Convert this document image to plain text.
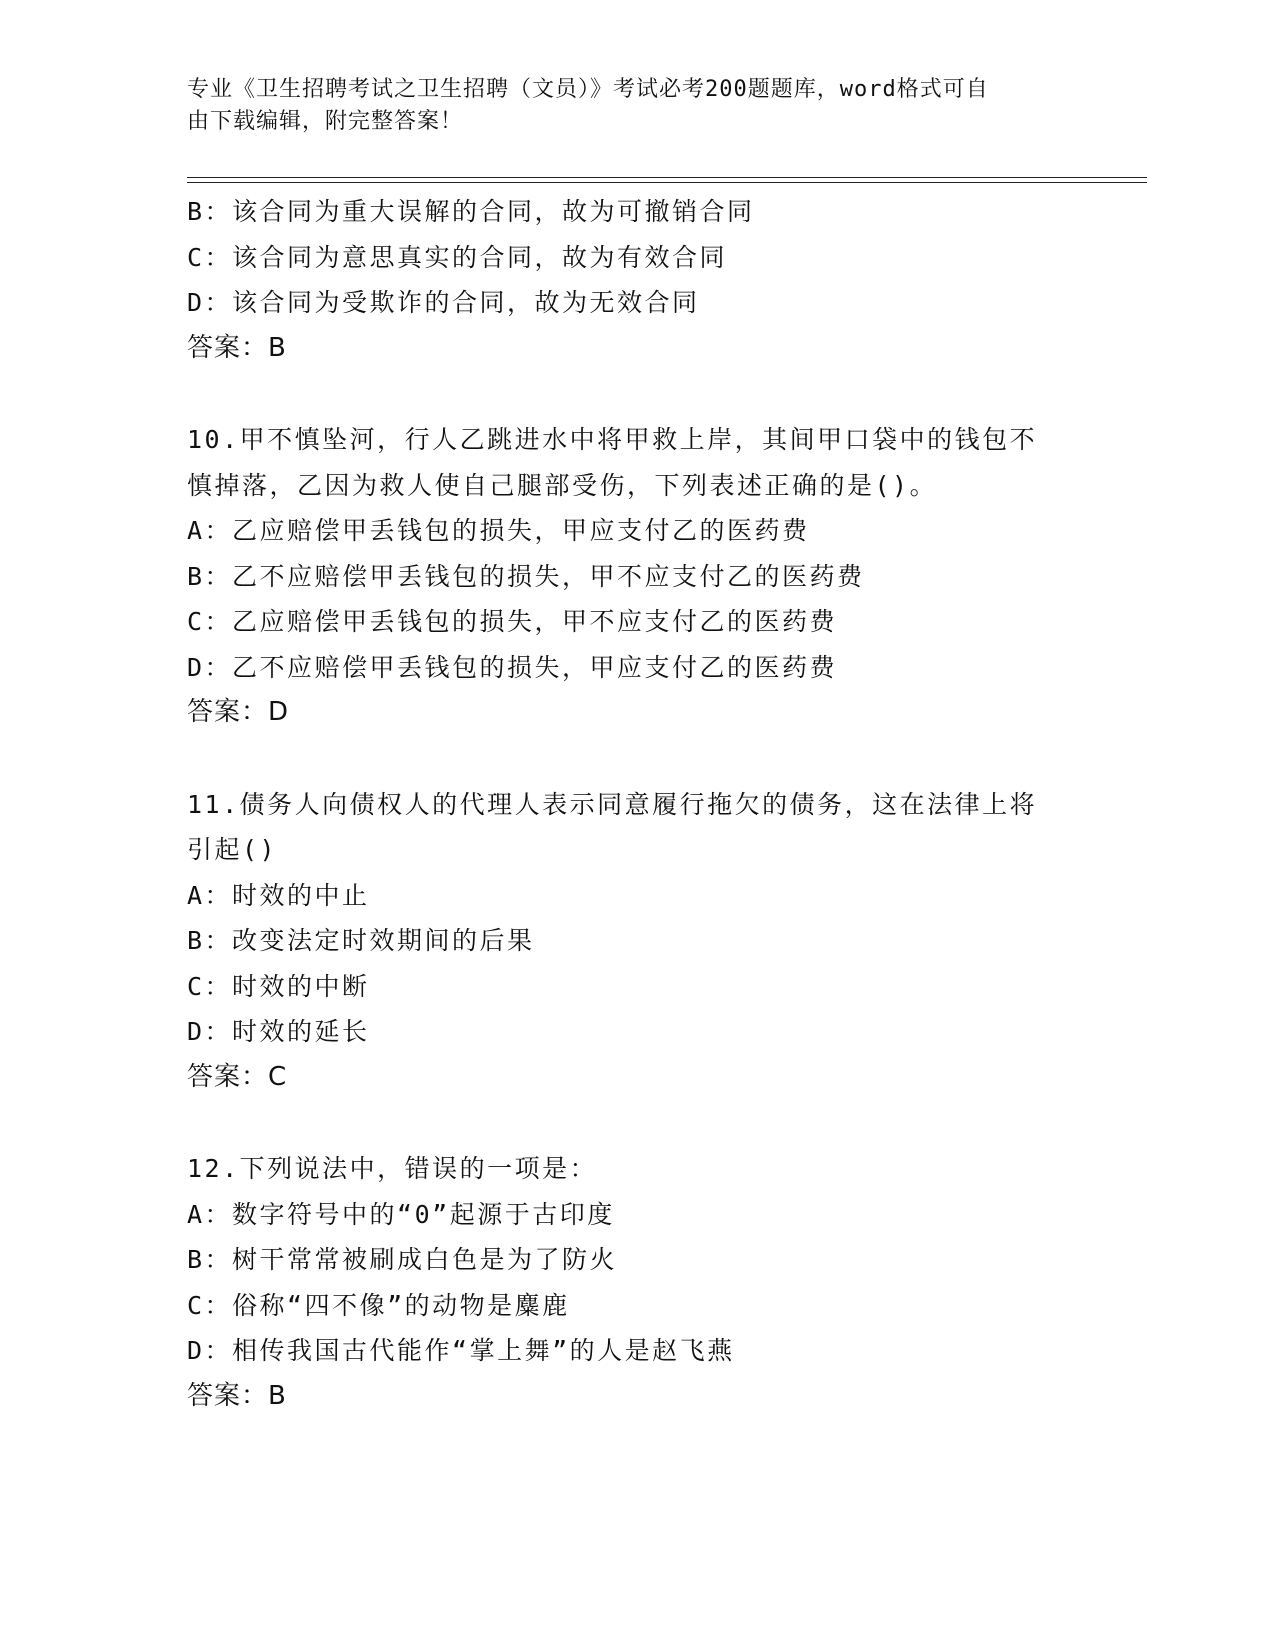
专业《卫生招聘考试之卫生招聘（文员）》考试必考200题题库，word格式可自
由下载编辑，附完整答案！
B：该合同为重大误解的合同，故为可撤销合同
C：该合同为意思真实的合同，故为有效合同
D：该合同为受欺诈的合同，故为无效合同
答案：B
10.甲不慎坠河，行人乙跳进水中将甲救上岸，其间甲口袋中的钱包不
慎掉落，乙因为救人使自己腿部受伤，下列表述正确的是()。
A：乙应赔偿甲丢钱包的损失，甲应支付乙的医药费
B：乙不应赔偿甲丢钱包的损失，甲不应支付乙的医药费
C：乙应赔偿甲丢钱包的损失，甲不应支付乙的医药费
D：乙不应赔偿甲丢钱包的损失，甲应支付乙的医药费
答案：D
11.债务人向债权人的代理人表示同意履行拖欠的债务，这在法律上将
引起()
A：时效的中止
B：改变法定时效期间的后果
C：时效的中断
D：时效的延长
答案：C
12.下列说法中，错误的一项是：
A：数字符号中的“0”起源于古印度
B：树干常常被刷成白色是为了防火
C：俗称“四不像”的动物是麋鹿
D：相传我国古代能作“掌上舞”的人是赵飞燕
答案：B
